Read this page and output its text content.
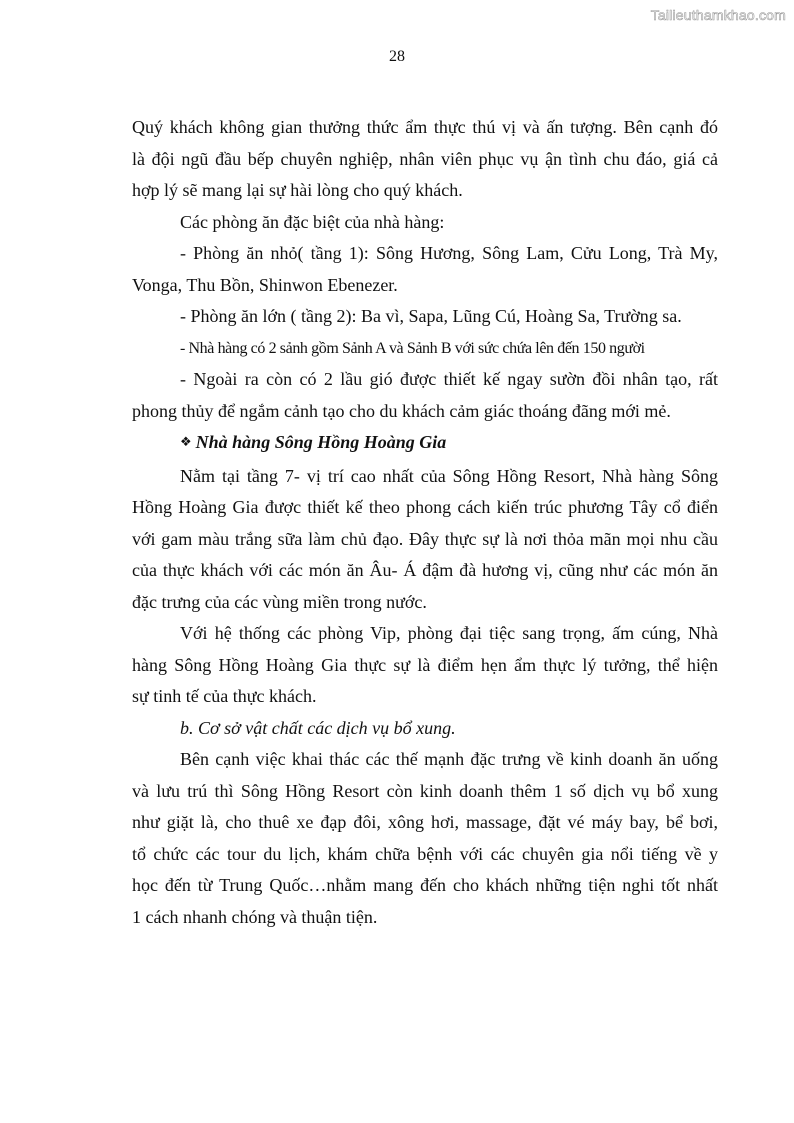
Tailieuthamkhao.com
28

Quý khách không gian thưởng thức ẩm thực thú vị và ấn tượng. Bên cạnh đó

là đội ngũ đầu bếp chuyên nghiệp, nhân viên phục vụ ận tình chu đáo, giá cả

hợp lý sẽ mang lại sự hài lòng cho quý khách.

Các phòng ăn đặc biệt của nhà hàng:

- Phòng ăn nhỏ( tầng 1): Sông Hương, Sông Lam, Cửu Long, Trà My,

Vonga, Thu Bồn, Shinwon Ebenezer.

- Phòng ăn lớn ( tầng 2): Ba vì, Sapa, Lũng Cú, Hoàng Sa, Trường sa.

- Nhà hàng có 2 sảnh gồm Sảnh A và Sảnh B với sức chứa lên đến 150 người

- Ngoài ra còn có 2 lầu gió được thiết kế ngay sườn đồi nhân tạo, rất

phong thủy để ngắm cảnh tạo cho du khách cảm giác thoáng đãng mới mẻ.

❖ Nhà hàng Sông Hồng Hoàng Gia

Nằm tại tầng 7- vị trí cao nhất của Sông Hồng Resort, Nhà hàng Sông

Hồng Hoàng Gia được thiết kế theo phong cách kiến trúc phương Tây cổ điển

với gam màu trắng sữa làm chủ đạo. Đây thực sự là nơi thỏa mãn mọi nhu cầu

của thực khách với các món ăn Âu- Á đậm đà hương vị, cũng như các món ăn

đặc trưng của các vùng miền trong nước.

Với hệ thống các phòng Vip, phòng đại tiệc sang trọng, ấm cúng, Nhà

hàng Sông Hồng Hoàng Gia thực sự là điểm hẹn ẩm thực lý tưởng, thể hiện

sự tinh tế của thực khách.

b. Cơ sở vật chất các dịch vụ bổ xung.

Bên cạnh việc khai thác các thế mạnh đặc trưng về kinh doanh ăn uống

và lưu trú thì Sông Hồng Resort còn kinh doanh thêm 1 số dịch vụ bổ xung

như giặt là, cho thuê xe đạp đôi, xông hơi, massage, đặt vé máy bay, bể bơi,

tổ chức các tour du lịch, khám chữa bệnh với các chuyên gia nổi tiếng về y

học đến từ Trung Quốc…nhằm mang đến cho khách những tiện nghi tốt nhất

1 cách nhanh chóng và thuận tiện.
